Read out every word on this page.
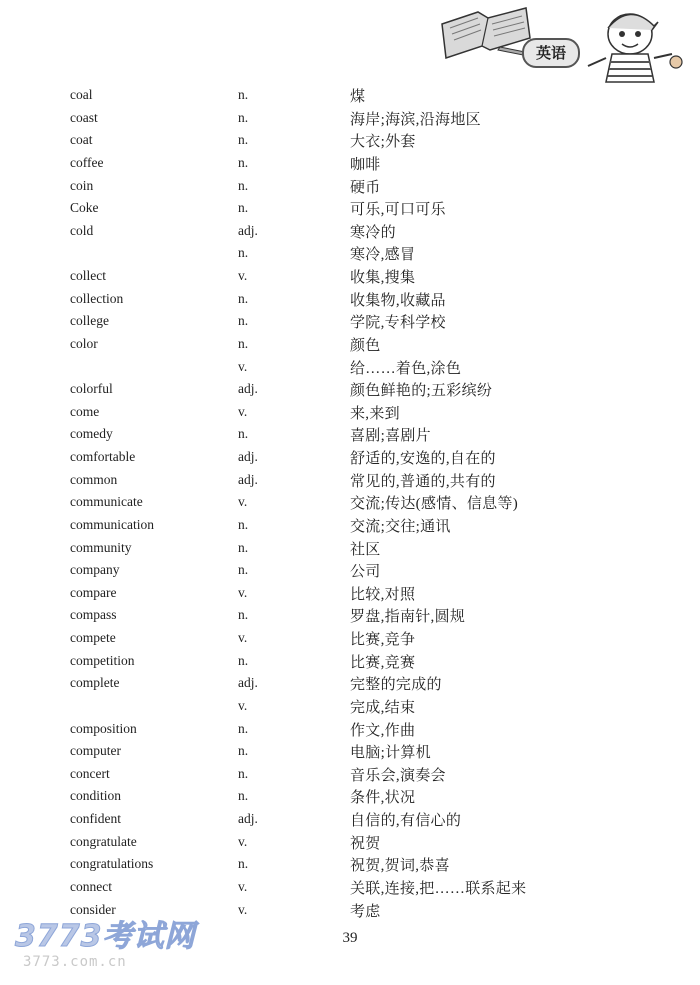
英语
coal	n.	煤
coast	n.	海岸;海滨,沿海地区
coat	n.	大衣;外套
coffee	n.	咖啡
coin	n.	硬币
Coke	n.	可乐,可口可乐
cold	adj.	寒冷的
n.	寒冷,感冒
collect	v.	收集,搜集
collection	n.	收集物,收藏品
college	n.	学院,专科学校
color	n.	颜色
v.	给……着色,涂色
colorful	adj.	颜色鲜艳的;五彩缤纷
come	v.	来,来到
comedy	n.	喜剧;喜剧片
comfortable	adj.	舒适的,安逸的,自在的
common	adj.	常见的,普通的,共有的
communicate	v.	交流;传达(感情、信息等)
communication	n.	交流;交往;通讯
community	n.	社区
company	n.	公司
compare	v.	比较,对照
compass	n.	罗盘,指南针,圆规
compete	v.	比赛,竞争
competition	n.	比赛,竞赛
complete	adj.	完整的完成的
v.	完成,结束
composition	n.	作文,作曲
computer	n.	电脑;计算机
concert	n.	音乐会,演奏会
condition	n.	条件,状况
confident	adj.	自信的,有信心的
congratulate	v.	祝贺
congratulations	n.	祝贺,贺词,恭喜
connect	v.	关联,连接,把……联系起来
consider	v.	考虑
39
3773考试网
3773.com.cn
